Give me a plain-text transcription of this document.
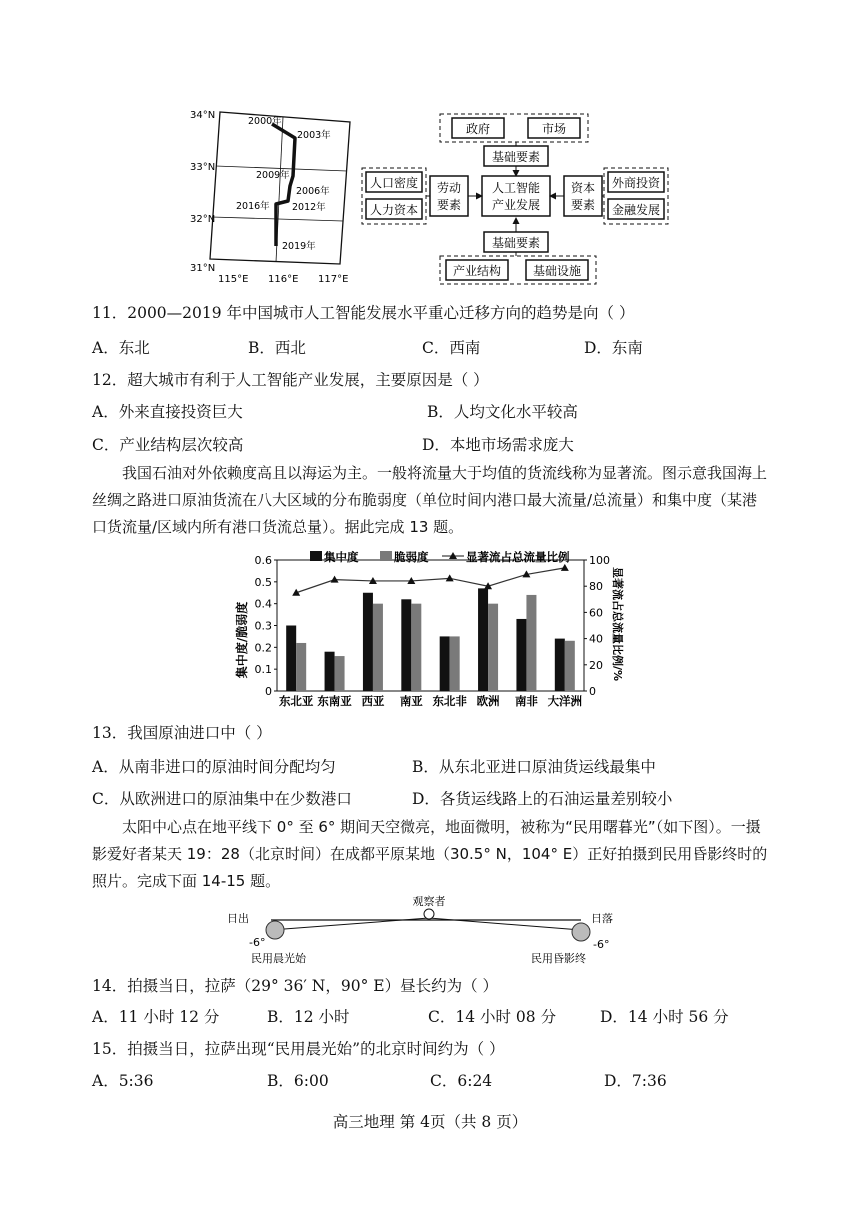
34°N
33°N
32°N
31°N
115°E 116°E 117°E
2000年
2003年
2009年
2006年
2012年
2016年
2019年
政府	市场
基础要素
人工智能
产业发展
人口密度
人力资本
劳动
要素
资本
要素
外商投资
金融发展
基础要素
产业结构	基础设施
11．2000—2019 年中国城市人工智能发展水平重心迁移方向的趋势是向（ ）
A．东北	B．西北	C．西南	D．东南
12．超大城市有利于人工智能产业发展，主要原因是（ ）
A．外来直接投资巨大	B．人均文化水平较高
C．产业结构层次较高	D．本地市场需求庞大
我国石油对外依赖度高且以海运为主。一般将流量大于均值的货流线称为显著流。图示意我国海上丝绸之路进口原油货流在八大区域的分布脆弱度（单位时间内港口最大流量/总流量）和集中度（某港口货流量/区域内所有港口货流总量）。据此完成 13 题。
集中度/脆弱度	显著流占总流量比例/%
0
0.1
0.2
0.3
0.4
0.5
0.6
0
20
40
60
80
100
东北亚 东南亚 西亚 南亚 东北非 欧洲 南非 大洋洲
集中度	脆弱度	显著流占总流量比例
13．我国原油进口中（ ）
A．从南非进口的原油时间分配均匀	B．从东北亚进口原油货运线最集中
C．从欧洲进口的原油集中在少数港口	D．各货运线路上的石油运量差别较小
太阳中心点在地平线下 0° 至 6° 期间天空微亮，地面微明，被称为“民用曙暮光”（如下图）。一摄影爱好者某天 19：28（北京时间）在成都平原某地（30.5° N，104° E）正好拍摄到民用昏影终时的照片。完成下面 14-15 题。
观察者
日出	日落
-6°	-6°
民用晨光始	民用昏影终
14．拍摄当日，拉萨（29° 36′ N，90° E）昼长约为（ ）
A．11 小时 12 分	B．12 小时	C．14 小时 08 分	D．14 小时 56 分
15．拍摄当日，拉萨出现“民用晨光始”的北京时间约为（ ）
A．5:36	B．6:00	C．6:24	D．7:36
高三地理 第 4页（共 8 页）
